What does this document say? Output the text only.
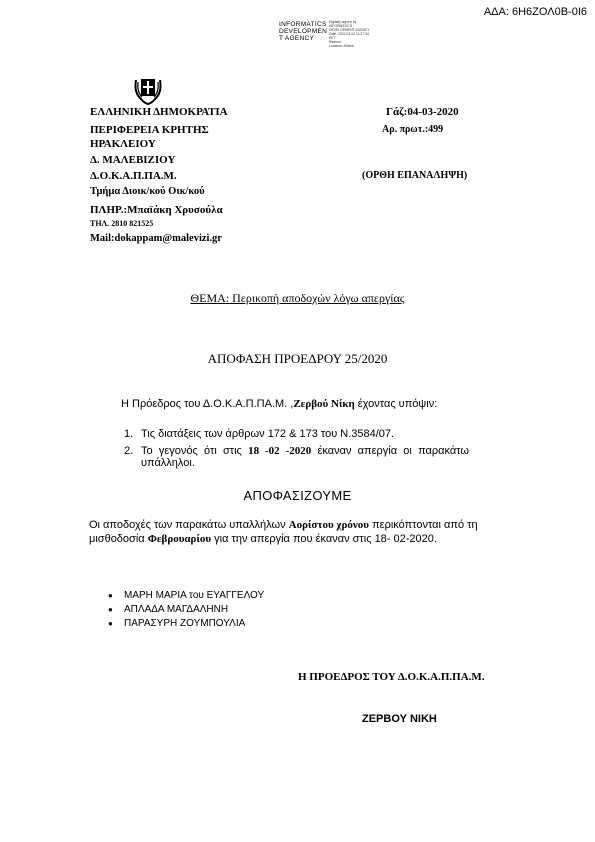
ΑΔΑ: 6Η6ΖΟΛ0Β-0Ι6
INFORMATICS
DEVELOPMEN
T AGENCY
Digitally signed by
INFORMATICS
DEVELOPMENT AGENCY
Date: 2020.03.04 11:27:34
EET
Reason:
Location: Athens
ΕΛΛΗΝΙΚΗ ΔΗΜΟΚΡΑΤΙΑ
ΠΕΡΙΦΕΡΕΙΑ ΚΡΗΤΗΣ
ΗΡΑΚΛΕΙΟΥ
Δ. ΜΑΛΕΒΙΖΙΟΥ
Δ.Ο.Κ.Α.Π.ΠΑ.Μ.
Τμήμα Διοικ/κού Οικ/κού
ΠΛΗΡ.:Μπαϊάκη Χρυσούλα
ΤΗΛ. 2810 821525
Mail:dokappam@malevizi.gr
Γάζ:04-03-2020
Αρ. πρωτ.:499
(ΟΡΘΗ ΕΠΑΝΑΛΗΨΗ)
ΘΕΜΑ: Περικοπή αποδοχών λόγω απεργίας
ΑΠΟΦΑΣΗ ΠΡΟΕΔΡΟΥ 25/2020
Η Πρόεδρος του Δ.Ο.Κ.Α.Π.ΠΑ.Μ. ,Ζερβού Νίκη έχοντας υπόψιν:
1. Τις διατάξεις των άρθρων 172 & 173 του Ν.3584/07.
2. Το γεγονός ότι στις 18 -02 -2020 έκαναν απεργία οι παρακάτω
υπάλληλοι.
ΑΠΟΦΑΣΙΖΟΥΜΕ
Οι αποδοχές των παρακάτω υπαλλήλων Αορίστου χρόνου περικόπτονται από τη
μισθοδοσία Φεβρουαρίου για την απεργία που έκαναν στις 18- 02-2020.
● ΜΑΡΗ ΜΑΡΙΑ του ΕΥΑΓΓΕΛΟΥ
● ΑΠΛΑΔΑ ΜΑΓΔΑΛΗΝΗ
● ΠΑΡΑΣΥΡΗ ΖΟΥΜΠΟΥΛΙΑ
Η ΠΡΟΕΔΡΟΣ ΤΟΥ Δ.Ο.Κ.Α.Π.ΠΑ.Μ.
ΖΕΡΒΟΥ ΝΙΚΗ
